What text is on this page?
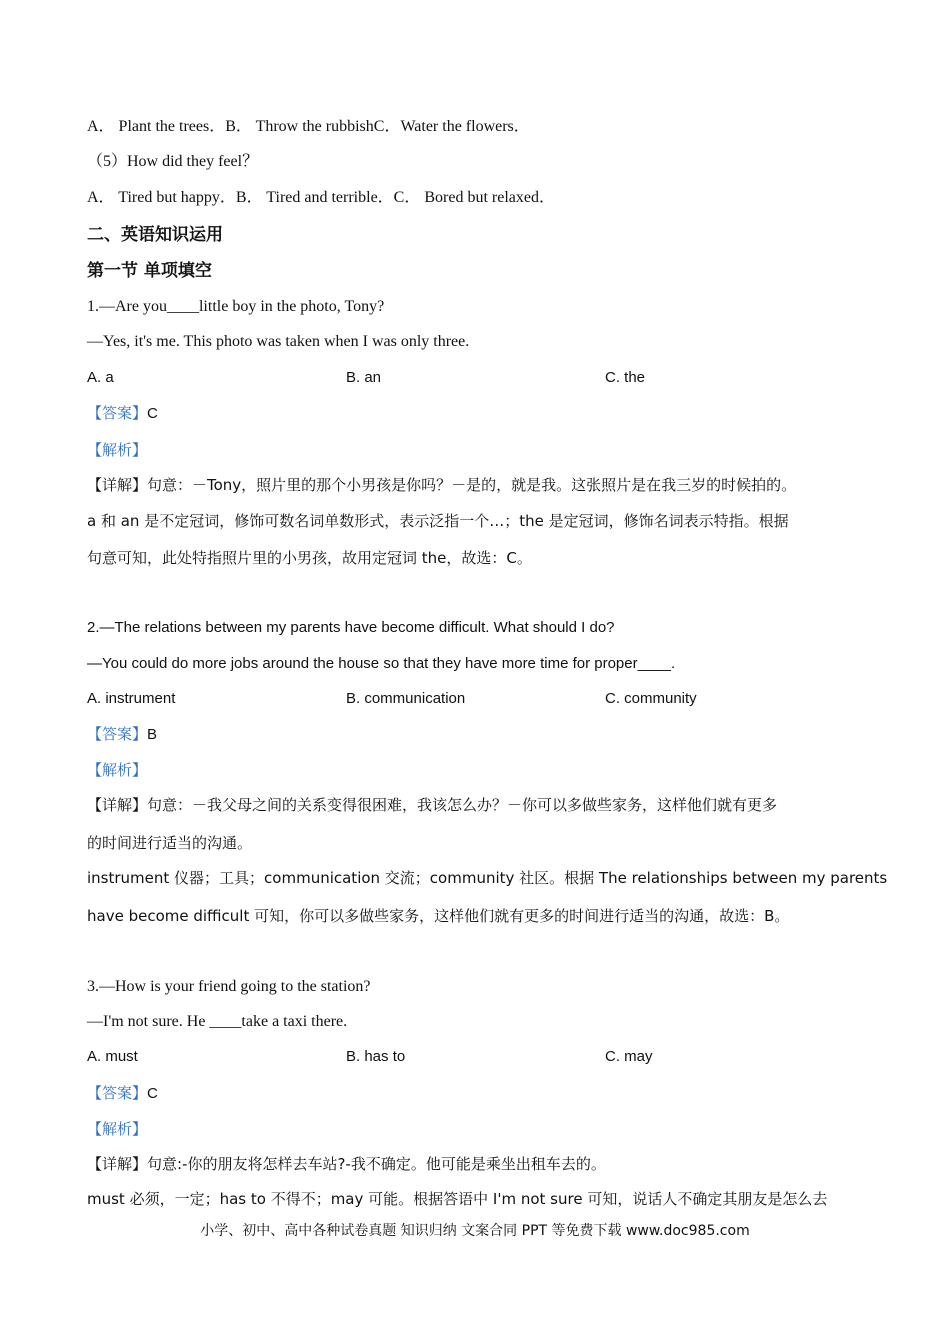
A． Plant the trees．B． Throw the rubbishC．Water the flowers．
（5）How did they feel？
A． Tired but happy．B． Tired and terrible．C． Bored but relaxed．
二、英语知识运用
第一节 单项填空
1.—Are you____little boy in the photo, Tony?
—Yes, it's me. This photo was taken when I was only three.
A. a	B. an	C. the
【答案】C
【解析】
【详解】句意：－Tony，照片里的那个小男孩是你吗？－是的，就是我。这张照片是在我三岁的时候拍的。
a 和 an 是不定冠词，修饰可数名词单数形式，表示泛指一个…；the 是定冠词，修饰名词表示特指。根据
句意可知，此处特指照片里的小男孩，故用定冠词 the，故选：C。
2.—The relations between my parents have become difficult. What should I do?
—You could do more jobs around the house so that they have more time for proper____.
A. instrument	B. communication	C. community
【答案】B
【解析】
【详解】句意：－我父母之间的关系变得很困难，我该怎么办？－你可以多做些家务，这样他们就有更多
的时间进行适当的沟通。
instrument 仪器；工具；communication 交流；community 社区。根据 The relationships between my parents
have become difficult 可知，你可以多做些家务，这样他们就有更多的时间进行适当的沟通，故选：B。
3.—How is your friend going to the station?
—I'm not sure. He ____take a taxi there.
A. must	B. has to	C. may
【答案】C
【解析】
【详解】句意:-你的朋友将怎样去车站?-我不确定。他可能是乘坐出租车去的。
must 必须，一定；has to 不得不；may 可能。根据答语中 I'm not sure 可知，说话人不确定其朋友是怎么去
小学、初中、高中各种试卷真题 知识归纳 文案合同 PPT 等免费下载 www.doc985.com
